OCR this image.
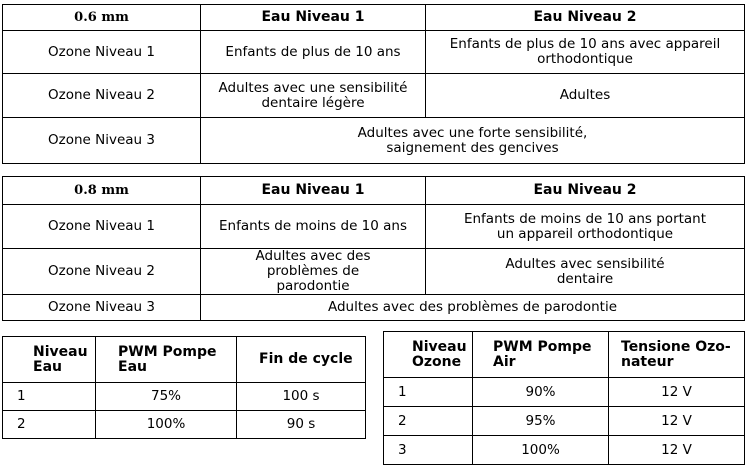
0.6 mm	Eau Niveau 1	Eau Niveau 2
Ozone Niveau 1	Enfants de plus de 10 ans	Enfants de plus de 10 ans avec appareil orthodontique
Ozone Niveau 2	Adultes avec une sensibilité dentaire légère	Adultes
Ozone Niveau 3	Adultes avec une forte sensibilité, saignement des gencives	
0.8 mm	Eau Niveau 1	Eau Niveau 2
Ozone Niveau 1	Enfants de moins de 10 ans	Enfants de moins de 10 ans portant un appareil orthodontique
Ozone Niveau 2	Adultes avec des problèmes de parodontie	Adultes avec sensibilité dentaire
Ozone Niveau 3	Adultes avec des problèmes de parodontie	
Niveau Eau	PWM Pompe Eau	Fin de cycle
1	75%	100 s
2	100%	90 s
Niveau Ozone	PWM Pompe Air	Tensione Ozo-nateur

1	90%	12 V
2	95%	12 V
3	100%	12 V
